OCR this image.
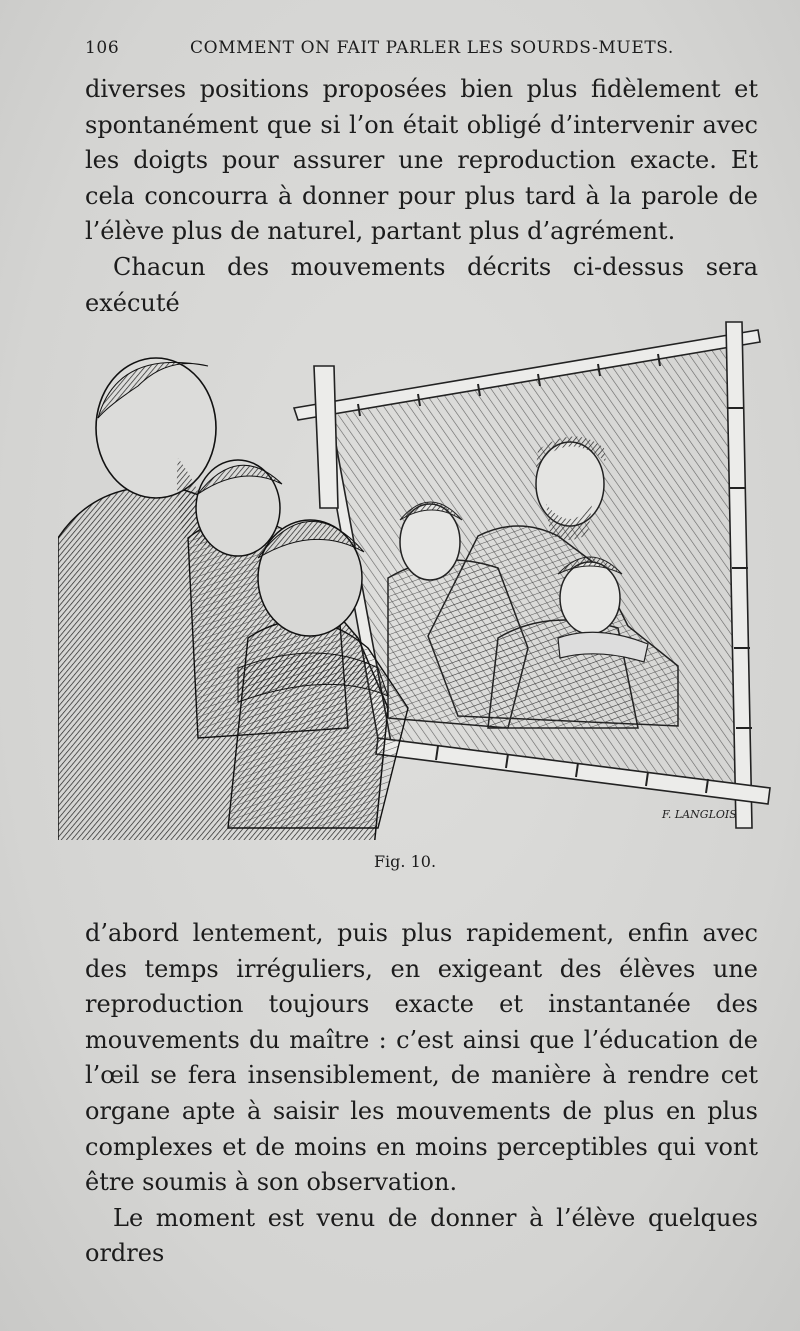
106	COMMENT ON FAIT PARLER LES SOURDS-MUETS.

diverses positions proposées bien plus fidèlement et spontanément que si l’on était obligé d’intervenir avec les doigts pour assurer une reproduction exacte. Et cela concourra à donner pour plus tard à la parole de l’élève plus de naturel, partant plus d’agrément.

Chacun des mouvements décrits ci-dessus sera exécuté

F. LANGLOIS
Fig. 10.

d’abord lentement, puis plus rapidement, enfin avec des temps irréguliers, en exigeant des élèves une reproduction toujours exacte et instantanée des mouvements du maître : c’est ainsi que l’éducation de l’œil se fera insensiblement, de manière à rendre cet organe apte à saisir les mouvements de plus en plus complexes et de moins en moins perceptibles qui vont être soumis à son observation.

Le moment est venu de donner à l’élève quelques ordres
